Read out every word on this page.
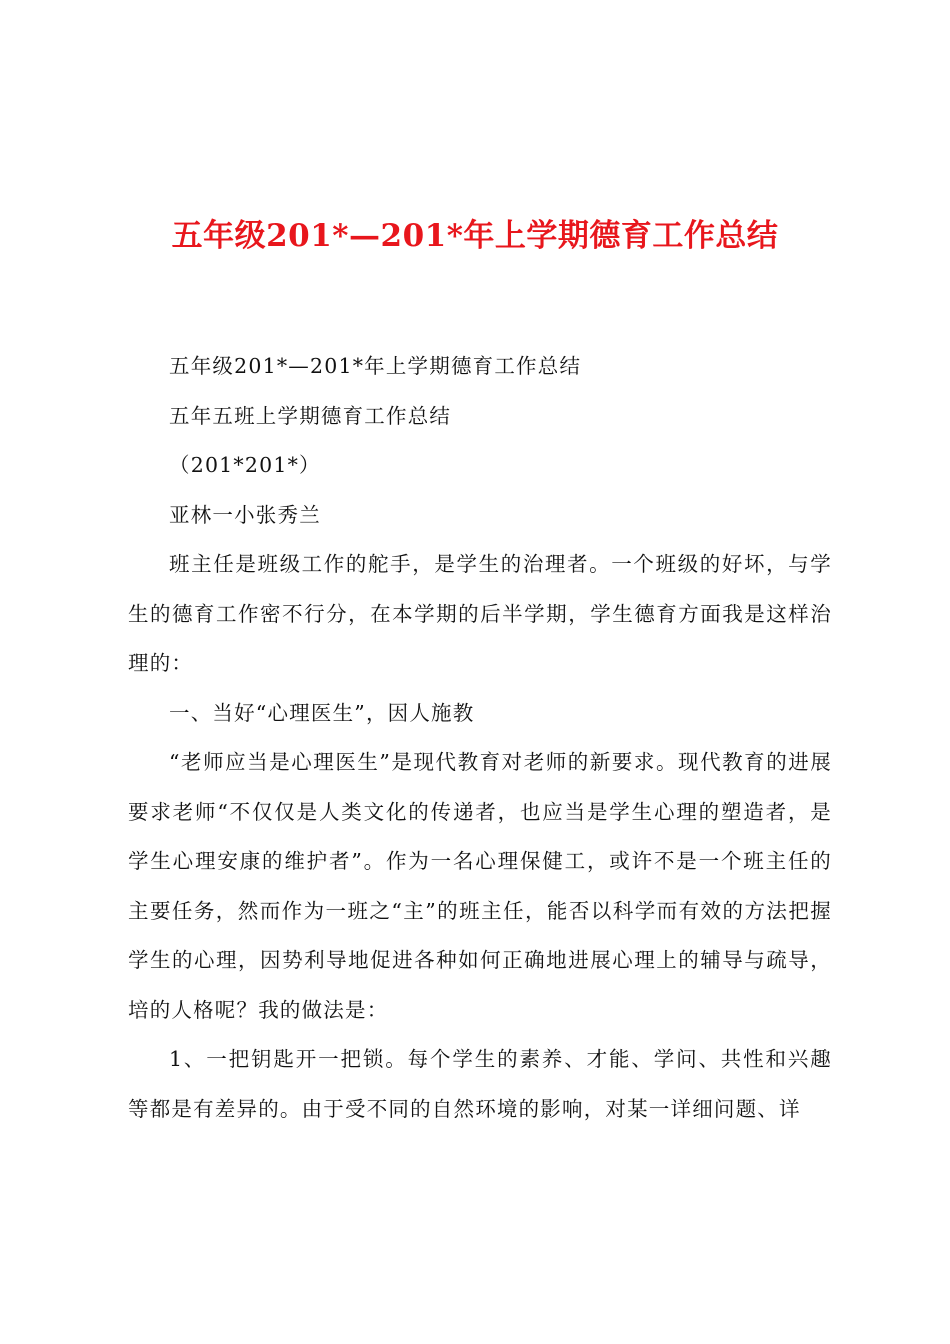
五年级201*—201*年上学期德育工作总结

五年级201*—201*年上学期德育工作总结

五年五班上学期德育工作总结

（201*201*）

亚林一小张秀兰

班主任是班级工作的舵手，是学生的治理者。一个班级的好坏，与学生的德育工作密不行分，在本学期的后半学期，学生德育方面我是这样治理的：

一、当好“心理医生”，因人施教

“老师应当是心理医生”是现代教育对老师的新要求。现代教育的进展要求老师“不仅仅是人类文化的传递者，也应当是学生心理的塑造者，是学生心理安康的维护者”。作为一名心理保健工，或许不是一个班主任的主要任务，然而作为一班之“主”的班主任，能否以科学而有效的方法把握学生的心理，因势利导地促进各种如何正确地进展心理上的辅导与疏导，培的人格呢？我的做法是：

1、一把钥匙开一把锁。每个学生的素养、才能、学问、共性和兴趣等都是有差异的。由于受不同的自然环境的影响，对某一详细问题、详
